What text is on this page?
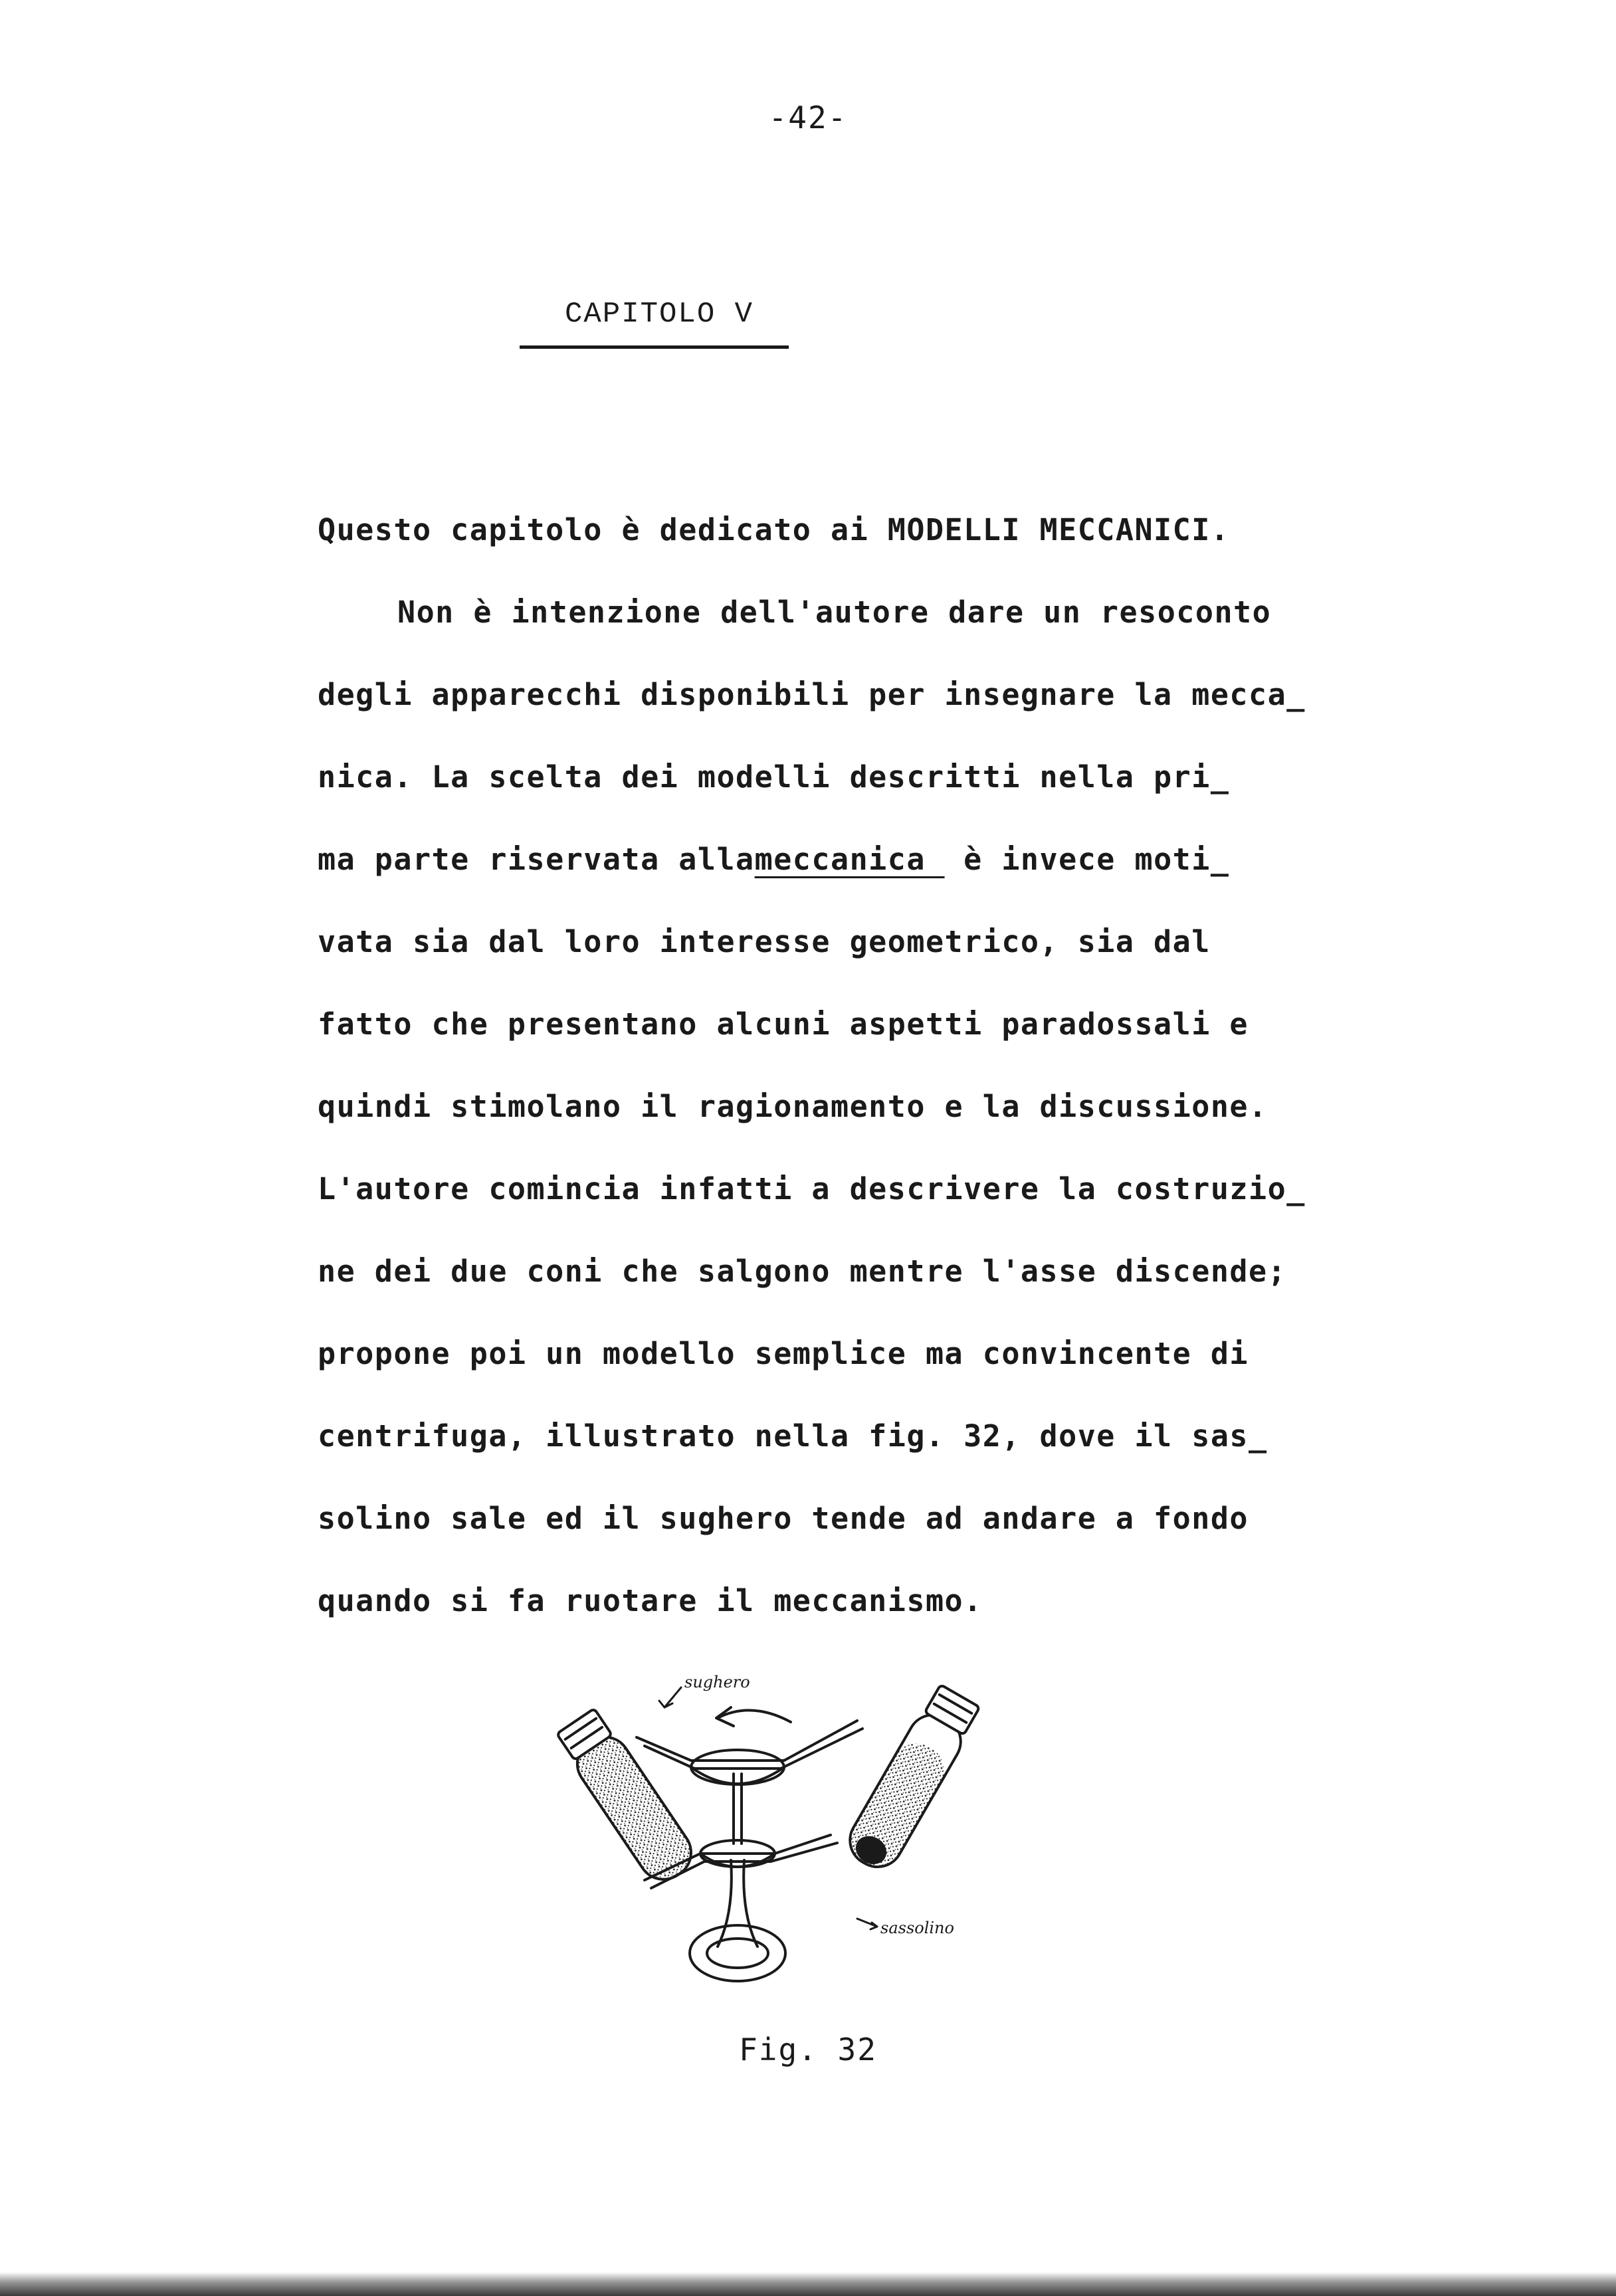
-42-
CAPITOLO V
Questo capitolo è dedicato ai MODELLI MECCANICI.
Non è intenzione dell'autore dare un resoconto
degli apparecchi disponibili per insegnare la mecca_
nica. La scelta dei modelli descritti nella pri_
ma parte riservata allameccanica  è invece moti_
vata sia dal loro interesse geometrico, sia dal
fatto che presentano alcuni aspetti paradossali e
quindi stimolano il ragionamento e la discussione.
L'autore comincia infatti a descrivere la costruzio_
ne dei due coni che salgono mentre l'asse discende;
propone poi un modello semplice ma convincente di
centrifuga, illustrato nella fig. 32, dove il sas_
solino sale ed il sughero tende ad andare a fondo
quando si fa ruotare il meccanismo.
sughero
sassolino
Fig. 32
